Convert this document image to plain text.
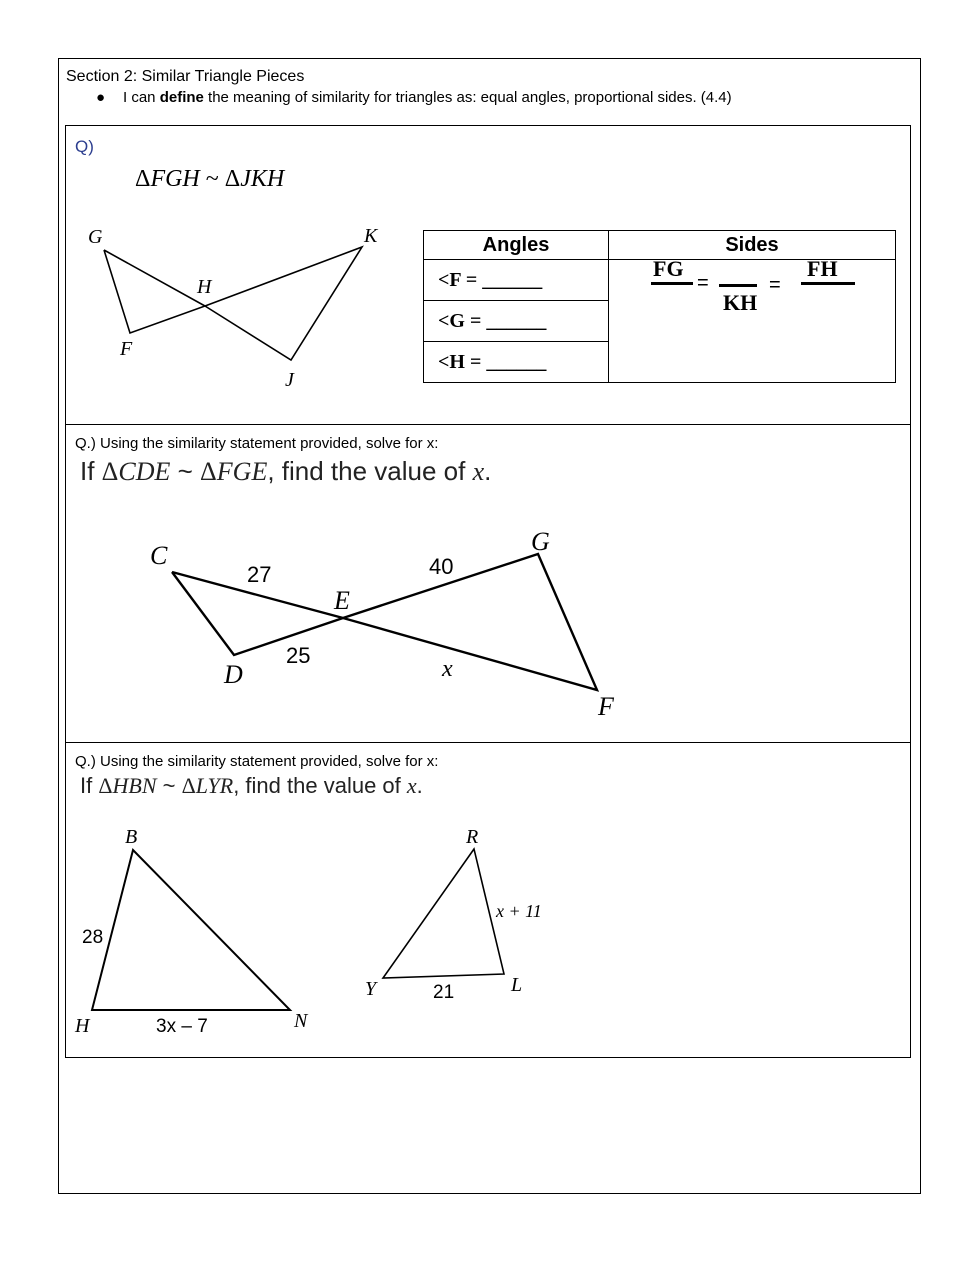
Section 2: Similar Triangle Pieces
● I can define the meaning of similarity for triangles as: equal angles, proportional sides. (4.4)
Q)
ΔFGH ~ ΔJKH
G	K
H
F
J
Angles	Sides
<F = ______	FG
=
KH
=
FH

<G = ______	
<H = ______	
Q.) Using the similarity statement provided, solve for x:
If ΔCDE ~ ΔFGE, find the value of x.
C	G
E
D
F
27	40
25
x
Q.) Using the similarity statement provided, solve for x:
If ΔHBN ~ ΔLYR, find the value of x.
B
H	N
R
Y	L
28
3x – 7
x + 11
21
